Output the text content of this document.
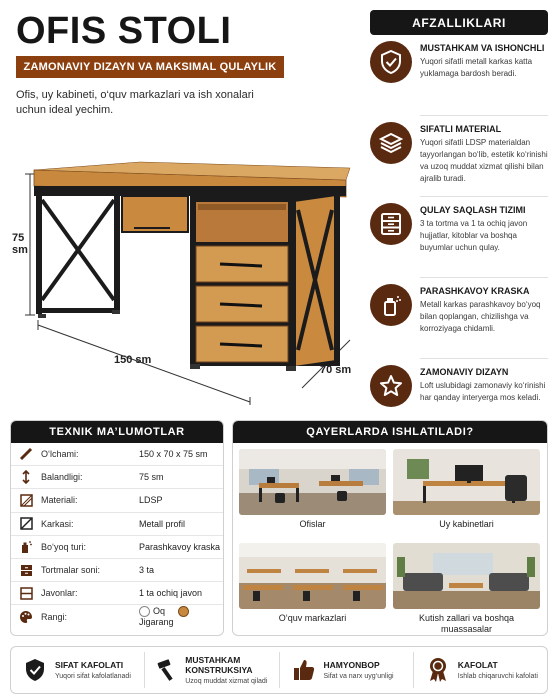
OFIS STOLI
ZAMONAVIY DIZAYN VA MAKSIMAL QULAYLIK
Ofis, uy kabineti, o‘quv markazlari va ish xonalari uchun ideal yechim.
75
sm
150 sm
70 sm
AFZALLIKLARI
MUSTAHKAM VA ISHONCHLI
Yuqori sifatli metall karkas katta yuklamaga bardosh beradi.
SIFATLI MATERIAL
Yuqori sifatli LDSP materialdan tayyorlangan bo‘lib, estetik ko‘rinishi va uzoq muddat xizmat qilishi bilan ajralib turadi.
QULAY SAQLASH TIZIMI
3 ta tortma va 1 ta ochiq javon hujjatlar, kitoblar va boshqa buyumlar uchun qulay.
PARASHKAVOY KRASKA
Metall karkas parashkavoy bo‘yoq bilan qoplangan, chizilishga va korroziyaga chidamli.
ZAMONAVIY DIZAYN
Loft uslubidagi zamonaviy ko‘rinishi har qanday interyerga mos keladi.
TEXNIK MA’LUMOTLAR
O‘lchami:	150 x 70 x 75 sm
Balandligi:	75 sm
Materiali:	LDSP
Karkasi:	Metall profil
Bo‘yoq turi:	Parashkavoy kraska
Tortmalar soni:	3 ta
Javonlar:	1 ta ochiq javon
Rangi:
Oq Jigarang
QAYERLARDA ISHLATILADI?
Ofislar	Uy kabinetlari
O‘quv markazlari	Kutish zallari va boshqa muassasalar
SIFAT KAFOLATI
Yuqori sifat kafolatlanadi
MUSTAHKAM KONSTRUKSIYA
Uzoq muddat xizmat qiladi
HAMYONBOP
Sifat va narx uyg‘unligi
KAFOLAT
Ishlab chiqaruvchi kafolati
